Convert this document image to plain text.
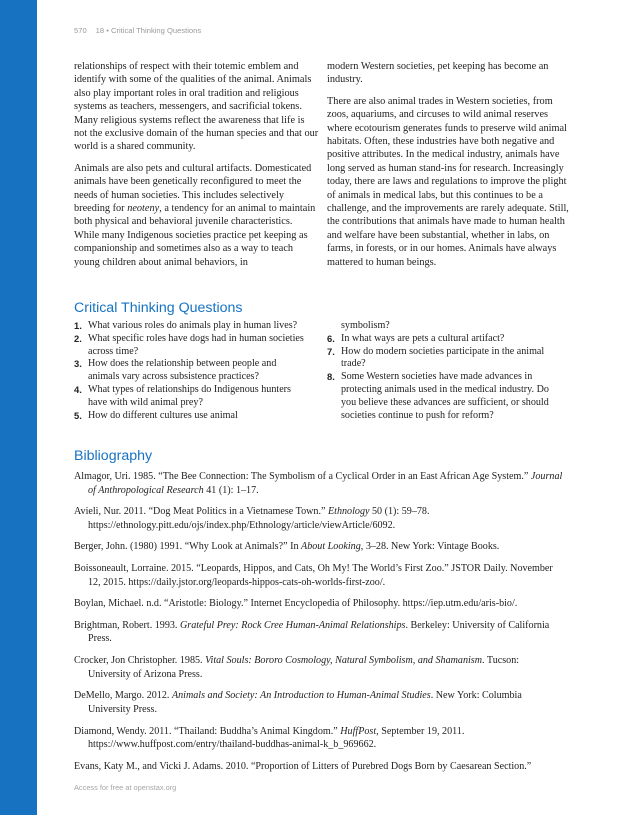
570 18 • Critical Thinking Questions

relationships of respect with their totemic emblem and identify with some of the qualities of the animal. Animals also play important roles in oral tradition and religious systems as teachers, messengers, and sacrificial tokens. Many religious systems reflect the awareness that life is not the exclusive domain of the human species and that our world is a shared community.

Animals are also pets and cultural artifacts. Domesticated animals have been genetically reconfigured to meet the needs of human societies. This includes selectively breeding for neoteny, a tendency for an animal to maintain both physical and behavioral juvenile characteristics. While many Indigenous societies practice pet keeping as companionship and sometimes also as a way to teach young children about animal behaviors, in

modern Western societies, pet keeping has become an industry.

There are also animal trades in Western societies, from zoos, aquariums, and circuses to wild animal reserves where ecotourism generates funds to preserve wild animal habitats. Often, these industries have both negative and positive attributes. In the medical industry, animals have long served as human stand-ins for research. Increasingly today, there are laws and regulations to improve the plight of animals in medical labs, but this continues to be a challenge, and the improvements are rarely adequate. Still, the contributions that animals have made to human health and welfare have been substantial, whether in labs, on farms, in forests, or in our homes. Animals have always mattered to human beings.

Critical Thinking Questions
1. What various roles do animals play in human lives?
2. What specific roles have dogs had in human societies across time?
3. How does the relationship between people and animals vary across subsistence practices?
4. What types of relationships do Indigenous hunters have with wild animal prey?
5. How do different cultures use animal
symbolism?
6. In what ways are pets a cultural artifact?
7. How do modern societies participate in the animal trade?
8. Some Western societies have made advances in protecting animals used in the medical industry. Do you believe these advances are sufficient, or should societies continue to push for reform?
Bibliography

Almagor, Uri. 1985. “The Bee Connection: The Symbolism of a Cyclical Order in an East African Age System.” Journal of Anthropological Research 41 (1): 1–17.

Avieli, Nur. 2011. “Dog Meat Politics in a Vietnamese Town.” Ethnology 50 (1): 59–78. https://ethnology.pitt.edu/ojs/index.php/Ethnology/article/viewArticle/6092.

Berger, John. (1980) 1991. “Why Look at Animals?” In About Looking, 3–28. New York: Vintage Books.

Boissoneault, Lorraine. 2015. “Leopards, Hippos, and Cats, Oh My! The World’s First Zoo.” JSTOR Daily. November 12, 2015. https://daily.jstor.org/leopards-hippos-cats-oh-worlds-first-zoo/.

Boylan, Michael. n.d. “Aristotle: Biology.” Internet Encyclopedia of Philosophy. https://iep.utm.edu/aris-bio/.

Brightman, Robert. 1993. Grateful Prey: Rock Cree Human-Animal Relationships. Berkeley: University of California Press.

Crocker, Jon Christopher. 1985. Vital Souls: Bororo Cosmology, Natural Symbolism, and Shamanism. Tucson: University of Arizona Press.

DeMello, Margo. 2012. Animals and Society: An Introduction to Human-Animal Studies. New York: Columbia University Press.

Diamond, Wendy. 2011. “Thailand: Buddha’s Animal Kingdom.” HuffPost, September 19, 2011. https://www.huffpost.com/entry/thailand-buddhas-animal-k_b_969662.

Evans, Katy M., and Vicki J. Adams. 2010. “Proportion of Litters of Purebred Dogs Born by Caesarean Section.”

Access for free at openstax.org
